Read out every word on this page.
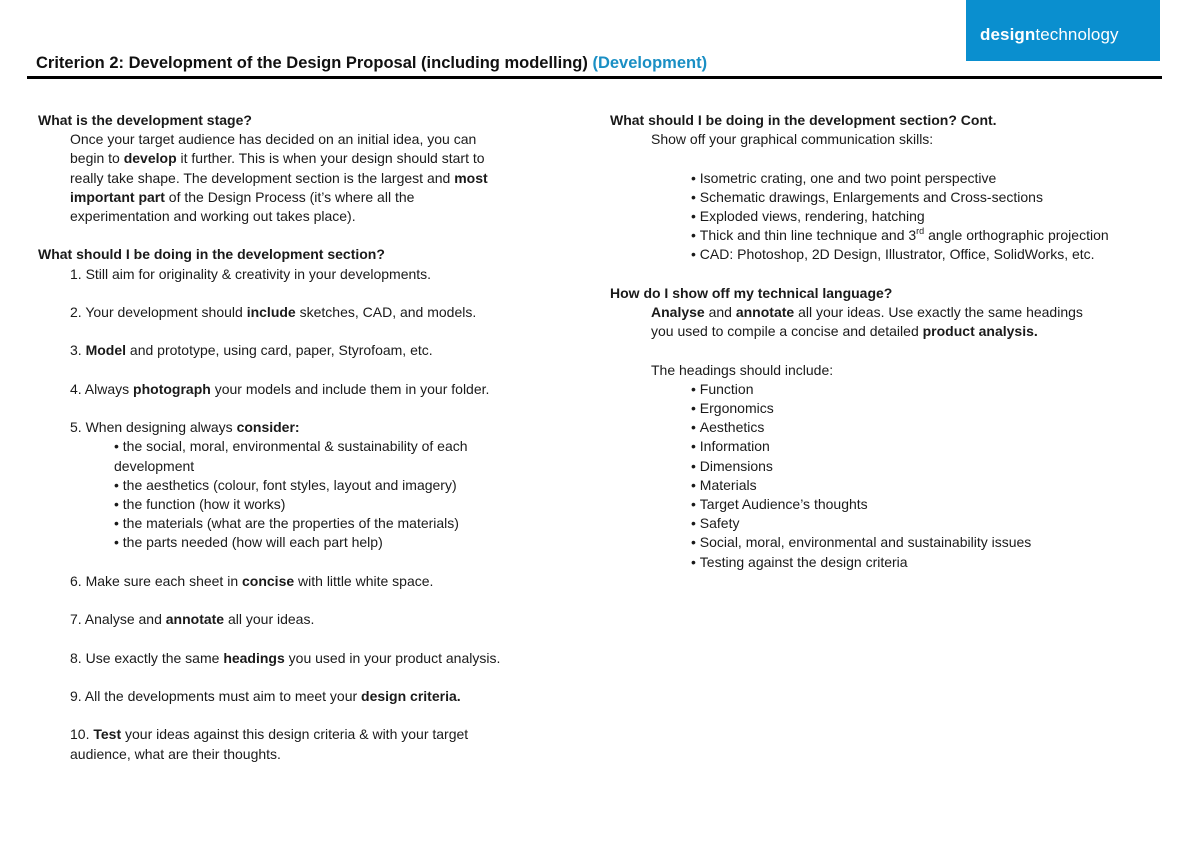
designtechnology
Criterion 2: Development of the Design Proposal (including modelling) (Development)

What is the development stage?

Once your target audience has decided on an initial idea, you can

begin to develop it further. This is when your design should start to

really take shape. The development section is the largest and most

important part of the Design Process (it’s where all the

experimentation and working out takes place).

What should I be doing in the development section?

1. Still aim for originality & creativity in your developments.

2. Your development should include sketches, CAD, and models.

3. Model and prototype, using card, paper, Styrofoam, etc.

4. Always photograph your models and include them in your folder.

5. When designing always consider:

• the social, moral, environmental & sustainability of each

development

• the aesthetics (colour, font styles, layout and imagery)

• the function (how it works)

• the materials (what are the properties of the materials)

• the parts needed (how will each part help)

6. Make sure each sheet in concise with little white space.

7. Analyse and annotate all your ideas.

8. Use exactly the same headings you used in your product analysis.

9. All the developments must aim to meet your design criteria.

10. Test your ideas against this design criteria & with your target

audience, what are their thoughts.

What should I be doing in the development section? Cont.

Show off your graphical communication skills:

• Isometric crating, one and two point perspective

• Schematic drawings, Enlargements and Cross-sections

• Exploded views, rendering, hatching

• Thick and thin line technique and 3rd angle orthographic projection

• CAD: Photoshop, 2D Design, Illustrator, Office, SolidWorks, etc.

How do I show off my technical language?

Analyse and annotate all your ideas. Use exactly the same headings

you used to compile a concise and detailed product analysis.

The headings should include:

• Function

• Ergonomics

• Aesthetics

• Information

• Dimensions

• Materials

• Target Audience’s thoughts

• Safety

• Social, moral, environmental and sustainability issues

• Testing against the design criteria
